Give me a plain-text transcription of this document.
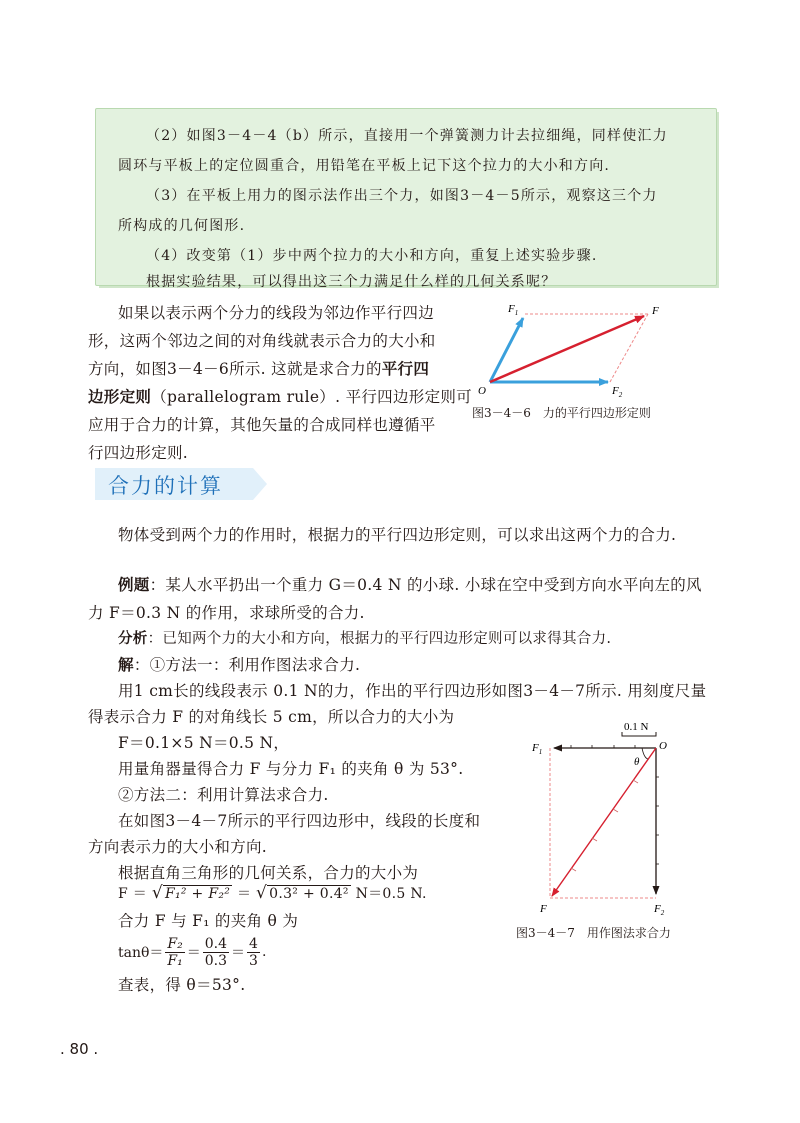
（2）如图3－4－4（b）所示，直接用一个弹簧测力计去拉细绳，同样使汇力
圆环与平板上的定位圆重合，用铅笔在平板上记下这个拉力的大小和方向.
（3）在平板上用力的图示法作出三个力，如图3－4－5所示，观察这三个力
所构成的几何图形.
（4）改变第（1）步中两个拉力的大小和方向，重复上述实验步骤.
根据实验结果，可以得出这三个力满足什么样的几何关系呢？
如果以表示两个分力的线段为邻边作平行四边
形，这两个邻边之间的对角线就表示合力的大小和
方向，如图3－4－6所示. 这就是求合力的平行四
边形定则（parallelogram rule）. 平行四边形定则可
应用于合力的计算，其他矢量的合成同样也遵循平
行四边形定则.
$F_1$	F
O	$F_2$
图3－4－6　力的平行四边形定则
合力的计算
物体受到两个力的作用时，根据力的平行四边形定则，可以求出这两个力的合力.
例题：某人水平扔出一个重力 G＝0.4 N 的小球. 小球在空中受到方向水平向左的风
力 F＝0.3 N 的作用，求球所受的合力.
分析：已知两个力的大小和方向，根据力的平行四边形定则可以求得其合力.
解：①方法一：利用作图法求合力.
用1 cm长的线段表示 0.1 N的力，作出的平行四边形如图3－4－7所示. 用刻度尺量
得表示合力 F 的对角线长 5 cm，所以合力的大小为
F＝0.1×5 N＝0.5 N，
用量角器量得合力 F 与分力 F₁ 的夹角 θ 为 53°.
②方法二：利用计算法求合力.
在如图3－4－7所示的平行四边形中，线段的长度和
方向表示力的大小和方向.
根据直角三角形的几何关系，合力的大小为
F ＝ √ F₁² + F₂² ＝ √ 0.3² + 0.4² N＝0.5 N.
合力 F 与 F₁ 的夹角 θ 为
tanθ＝
F₂
F₁ ＝
0.4
0.3 ＝
4
3
.
查表，得 θ＝53°.
0.1 N
θ
$F_1$	O
F	$F_2$
图3－4－7　用作图法求合力
. 80 .
